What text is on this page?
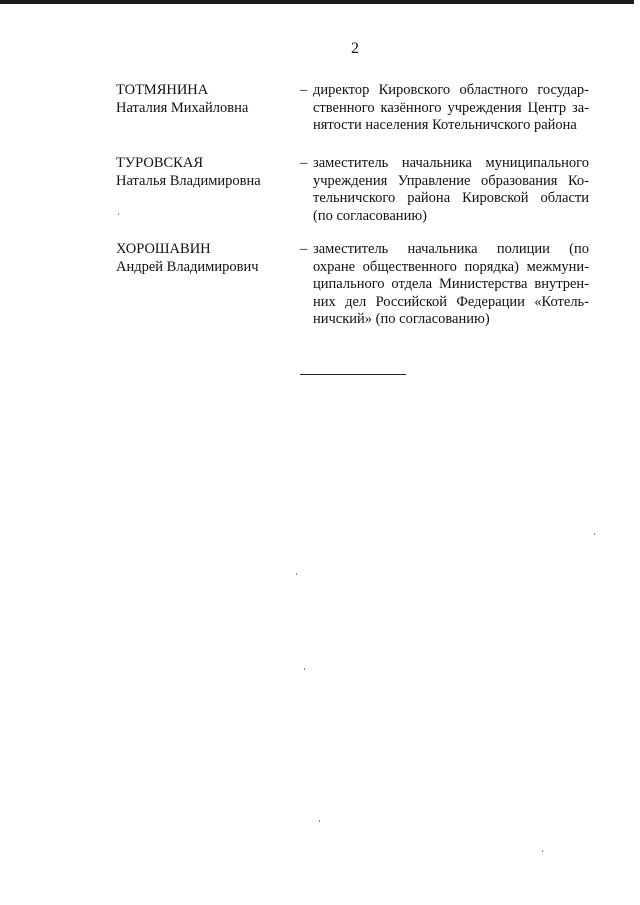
2
ТОТМЯНИНА
Наталия Михайловна
– директор Кировского областного государ-
ственного казённого учреждения Центр за-
нятости населения Котельничского района
ТУРОВСКАЯ
Наталья Владимировна
– заместитель начальника муниципального
учреждения Управление образования Ко-
тельничского района Кировской области
(по согласованию)
ХОРОШАВИН
Андрей Владимирович
– заместитель начальника полиции (по
охране общественного порядка) межмуни-
ципального отдела Министерства внутрен-
них дел Российской Федерации «Котель-
ничский» (по согласованию)
